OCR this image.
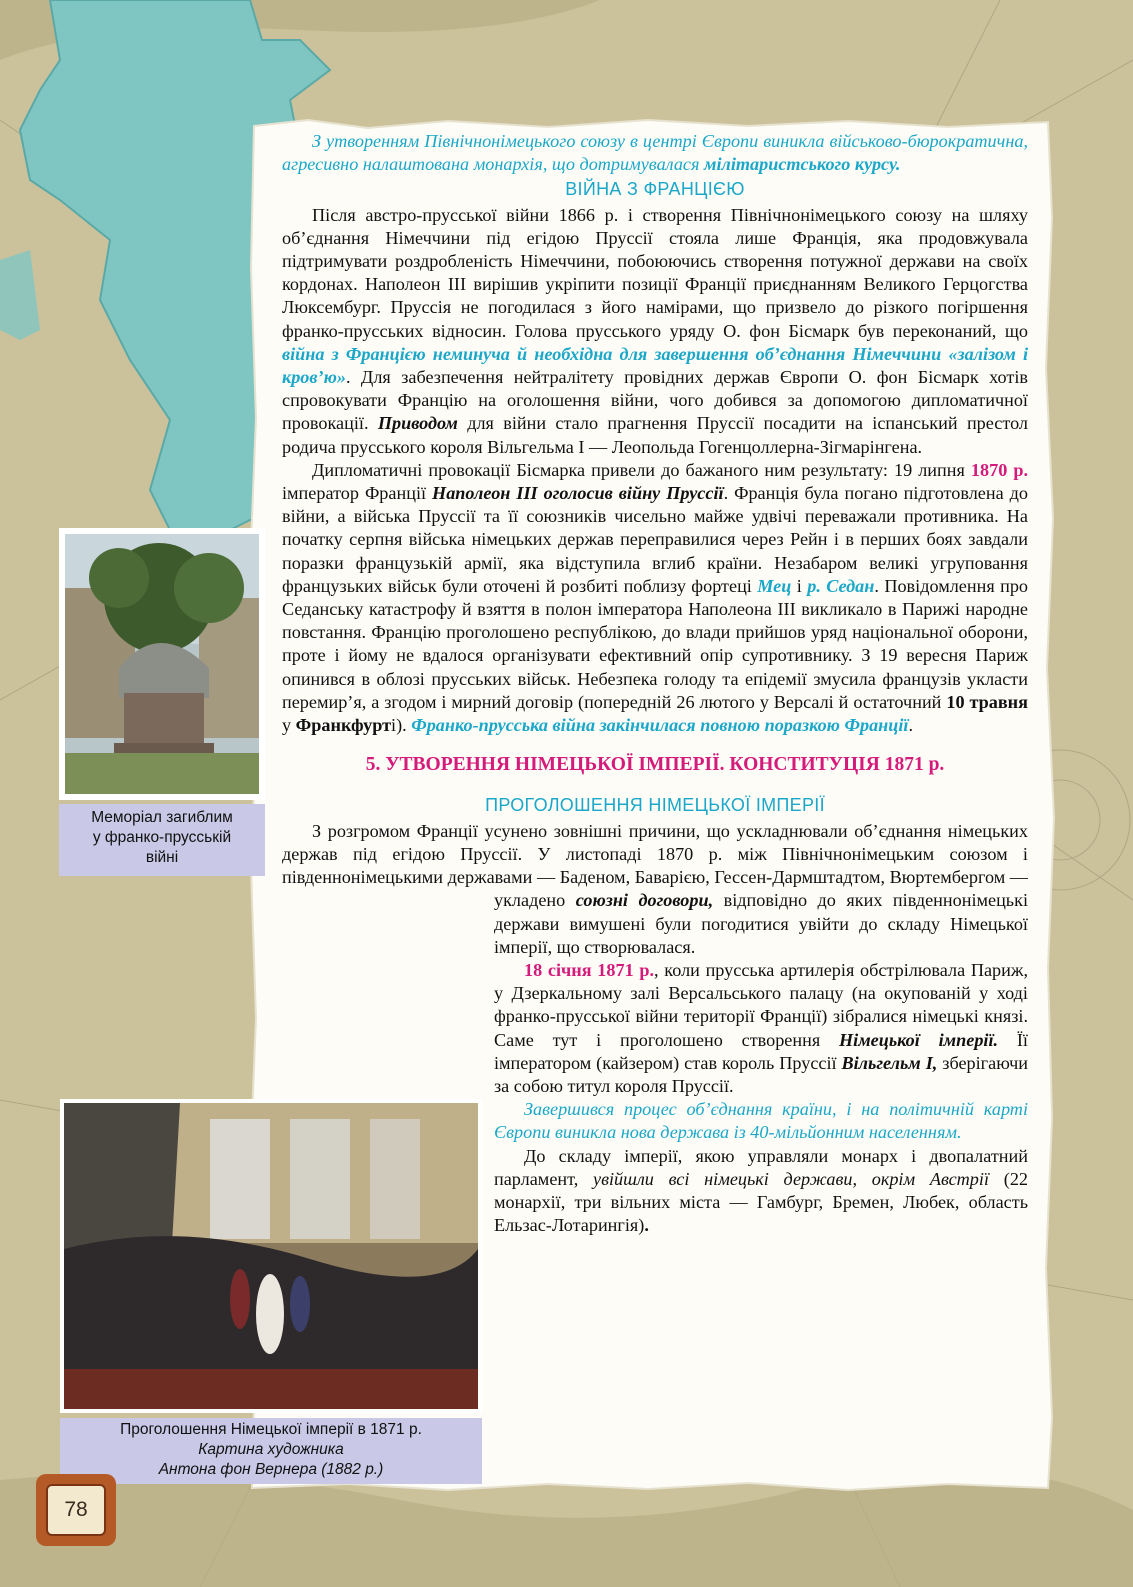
Меморіал загиблим
у франко-прусській
війні
Проголошення Німецької імперії в 1871 р.
Картина художника
Антона фон Вернера (1882 р.)

З утворенням Північнонімецького союзу в центрі Європи виникла військово-бюрократична, агресивно налаштована монархія, що дотримувалася мілітаристського курсу.

ВІЙНА З ФРАНЦІЄЮ

Після австро-прусської війни 1866 р. і створення Північнонімецького союзу на шляху об’єднання Німеччини під егідою Пруссії стояла лише Франція, яка продовжувала підтримувати роздробленість Німеччини, побоюючись створення потужної держави на своїх кордонах. Наполеон III вирішив укріпити позиції Франції приєднанням Великого Герцогства Люксембург. Пруссія не погодилася з його намірами, що призвело до різкого погіршення франко-прусських відносин. Голова прусського уряду О. фон Бісмарк був переконаний, що війна з Францією неминуча й необхідна для завершення об’єднання Німеччини «залізом і кров’ю». Для забезпечення нейтралітету провідних держав Європи О. фон Бісмарк хотів спровокувати Францію на оголошення війни, чого добився за допомогою дипломатичної провокації. Приводом для війни стало прагнення Пруссії посадити на іспанський престол родича прусського короля Вільгельма І — Леопольда Гогенцоллерна-Зігмарінгена.

Дипломатичні провокації Бісмарка привели до бажаного ним результату: 19 липня 1870 р. імператор Франції Наполеон III оголосив війну Пруссії. Франція була погано підготовлена до війни, а війська Пруссії та її союзників чисельно майже удвічі переважали противника. На початку серпня війська німецьких держав переправилися через Рейн і в перших боях завдали поразки французькій армії, яка відступила вглиб країни. Незабаром великі угруповання французьких військ були оточені й розбиті поблизу фортеці Мец і р. Седан. Повідомлення про Седанську катастрофу й взяття в полон імператора Наполеона III викликало в Парижі народне повстання. Францію проголошено республікою, до влади прийшов уряд національної оборони, проте і йому не вдалося організувати ефективний опір супротивнику. З 19 вересня Париж опинився в облозі прусських військ. Небезпека голоду та епідемії змусила французів укласти перемир’я, а згодом і мирний договір (попередній 26 лютого у Версалі й остаточний 10 травня у Франкфурті). Франко-прусська війна закінчилася повною поразкою Франції.

5. УТВОРЕННЯ НІМЕЦЬКОЇ ІМПЕРІЇ. КОНСТИТУЦІЯ 1871 р.
ПРОГОЛОШЕННЯ НІМЕЦЬКОЇ ІМПЕРІЇ

З розгромом Франції усунено зовнішні причини, що ускладнювали об’єднання німецьких держав під егідою Пруссії. У листопаді 1870 р. між Північнонімецьким союзом і південнонімецькими державами — Баденом, Баварією, Гессен-Дармштадтом, Вюртембергом — укладено союзні договори, відповідно до яких південнонімецькі держави вимушені були погодитися увійти до складу Німецької імперії, що створювалася.

18 січня 1871 р., коли прусська артилерія обстрілювала Париж, у Дзеркальному залі Версальського палацу (на окупованій у ході франко-прусської війни території Франції) зібралися німецькі князі. Саме тут і проголошено створення Німецької імперії. Її імператором (кайзером) став король Пруссії Вільгельм І, зберігаючи за собою титул короля Пруссії.

Завершився процес об’єднання країни, і на політичній карті Європи виникла нова держава із 40-мільйонним населенням.

До складу імперії, якою управляли монарх і двопалатний парламент, увійшли всі німецькі держави, окрім Австрії (22 монархії, три вільних міста — Гамбург, Бремен, Любек, область Ельзас-Лотарингія).

78
